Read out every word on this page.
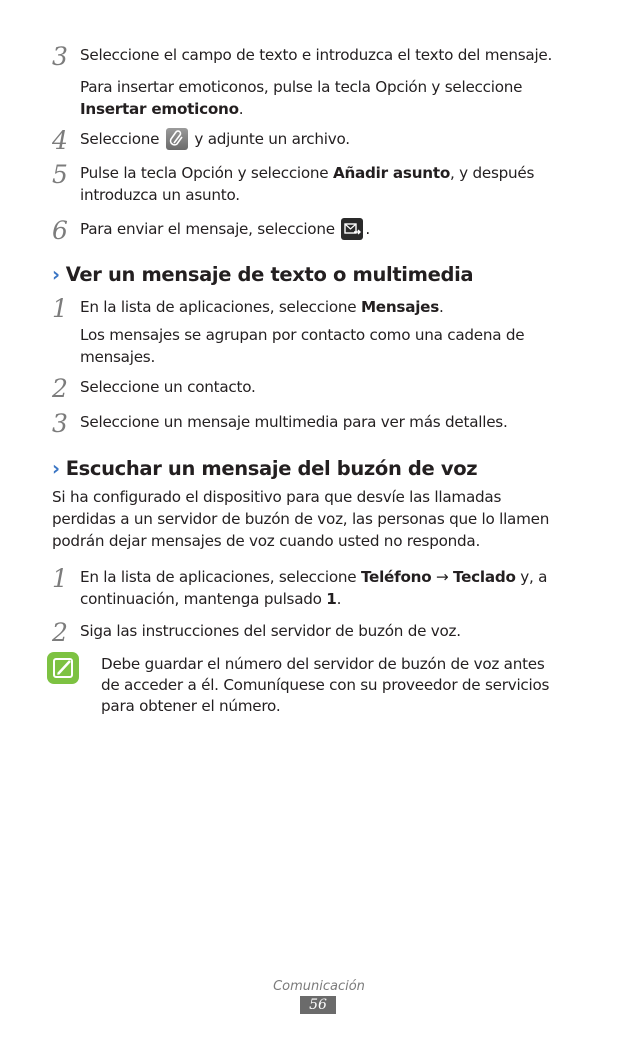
3 Seleccione el campo de texto e introduzca el texto del mensaje.
Para insertar emoticonos, pulse la tecla Opción y seleccione
Insertar emoticono.
4 Seleccione y adjunte un archivo.
5 Pulse la tecla Opción y seleccione Añadir asunto, y después
introduzca un asunto.
6 Para enviar el mensaje, seleccione .
› Ver un mensaje de texto o multimedia
1 En la lista de aplicaciones, seleccione Mensajes.
Los mensajes se agrupan por contacto como una cadena de
mensajes.
2 Seleccione un contacto.
3 Seleccione un mensaje multimedia para ver más detalles.
› Escuchar un mensaje del buzón de voz
Si ha configurado el dispositivo para que desvíe las llamadas
perdidas a un servidor de buzón de voz, las personas que lo llamen
podrán dejar mensajes de voz cuando usted no responda.
1 En la lista de aplicaciones, seleccione Teléfono → Teclado y, a
continuación, mantenga pulsado 1.
2 Siga las instrucciones del servidor de buzón de voz.
Debe guardar el número del servidor de buzón de voz antes
de acceder a él. Comuníquese con su proveedor de servicios
para obtener el número.
Comunicación
56
